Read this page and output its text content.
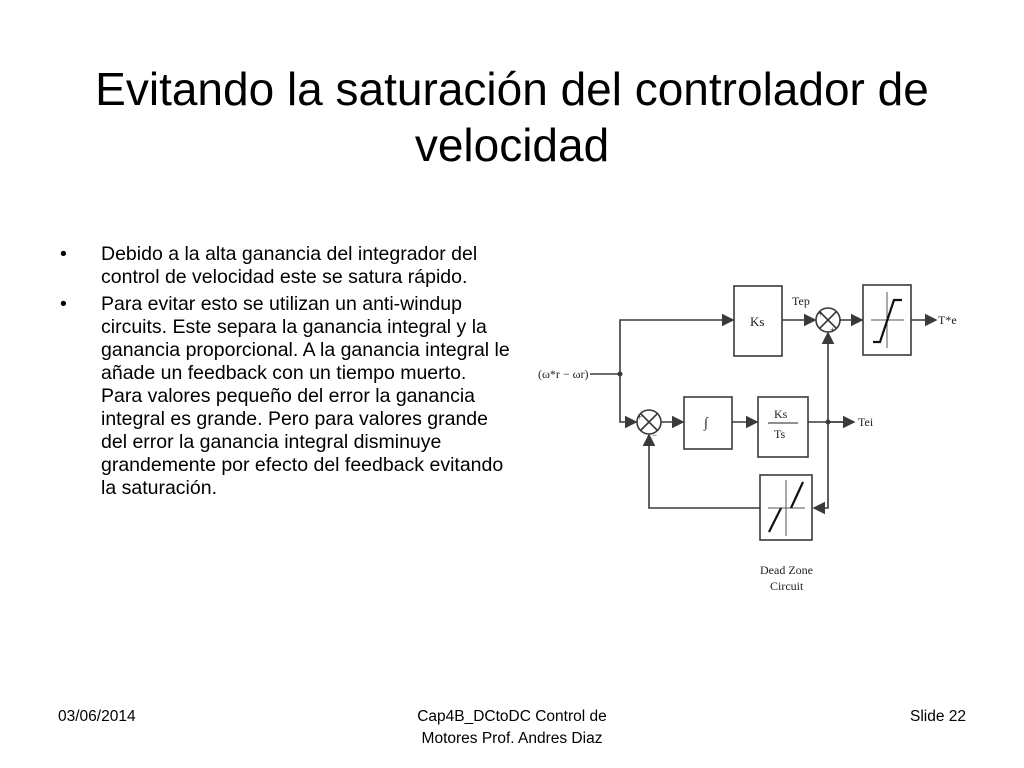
Evitando la saturación del controlador de velocidad
• Debido a la alta ganancia del integrador del control de velocidad este se satura rápido.
• Para evitar esto se utilizan un anti-windup circuits. Este separa la ganancia integral y la ganancia proporcional. A la ganancia integral le añade un feedback con un tiempo muerto. Para valores pequeño del error la ganancia integral es grande. Pero para valores grande del error la ganancia integral disminuye grandemente por efecto del feedback evitando la saturación.
(ω*r − ωr)
Ks
Tep
+
+
T*e
+
−
∫
Ks
Ts
Tei
Dead Zone
Circuit
03/06/2014	Cap4B_DCtoDC Control de
Motores Prof. Andres Diaz
Slide 22
